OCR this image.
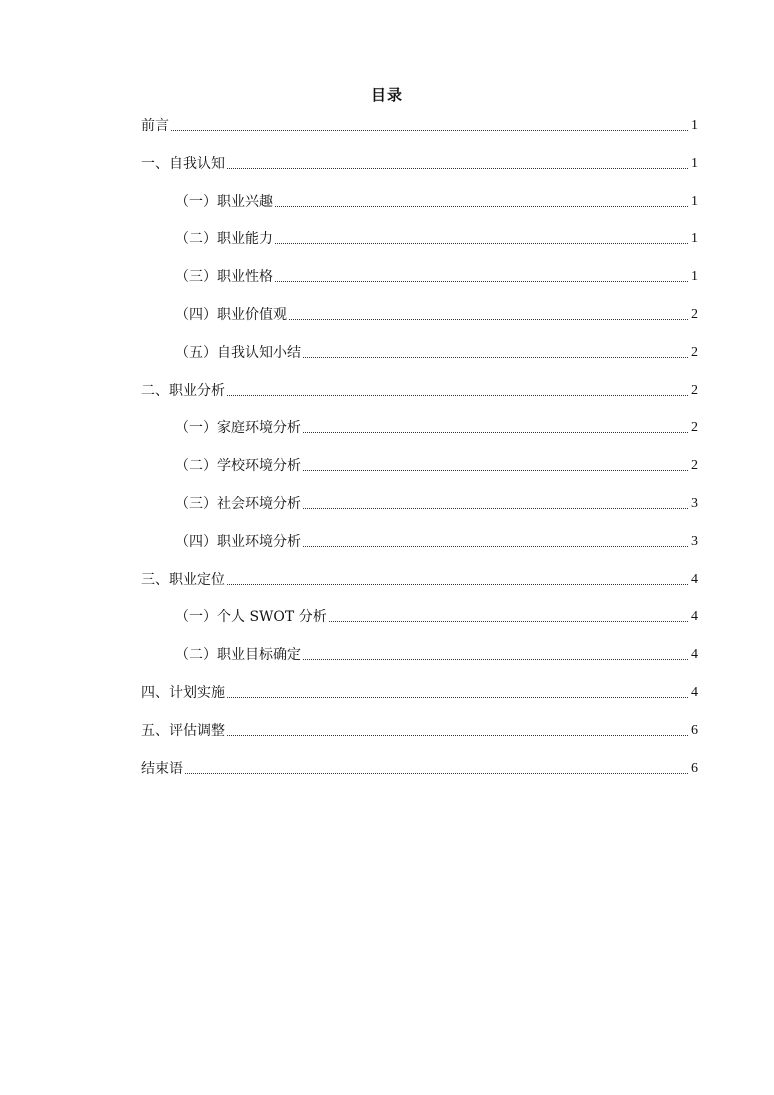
目录
前言	1
一、自我认知	1
（一）职业兴趣	1
（二）职业能力	1
（三）职业性格	1
（四）职业价值观	2
（五）自我认知小结	2
二、职业分析	2
（一）家庭环境分析	2
（二）学校环境分析	2
（三）社会环境分析	3
（四）职业环境分析	3
三、职业定位	4
（一）个人 SWOT 分析	4
（二）职业目标确定	4
四、计划实施	4
五、评估调整	6
结束语	6
